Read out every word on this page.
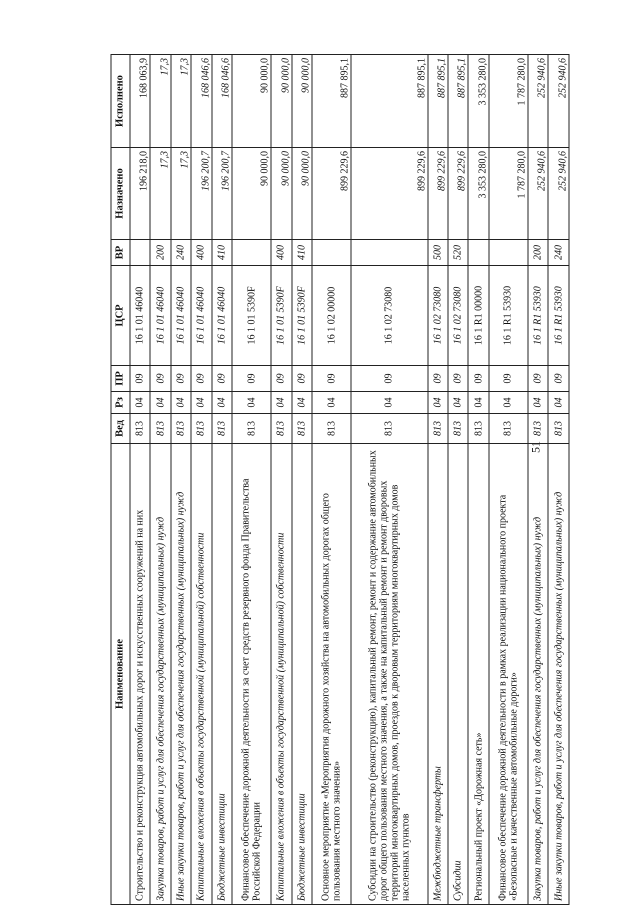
51
Наименование	Вед	Рз	ПР	ЦСР	ВР	Назначено	Исполнено
Строительство и реконструкция автомобильных дорог и искусственных сооружений на них	813	04	09	16 1 01 46040		196 218,0	168 063,9
Закупка товаров, работ и услуг для обеспечения государственных (муниципальных) нужд	813	04	09	16 1 01 46040	200	17,3	17,3
Иные закупки товаров, работ и услуг для обеспечения государственных (муниципальных) нужд	813	04	09	16 1 01 46040	240	17,3	17,3
Капитальные вложения в объекты государственной (муниципальной) собственности	813	04	09	16 1 01 46040	400	196 200,7	168 046,6
Бюджетные инвестиции	813	04	09	16 1 01 46040	410	196 200,7	168 046,6
Финансовое обеспечение дорожной деятельности за счет средств резервного фонда Правительства Российской Федерации	813	04	09	16 1 01 5390F		90 000,0	90 000,0
Капитальные вложения в объекты государственной (муниципальной) собственности	813	04	09	16 1 01 5390F	400	90 000,0	90 000,0
Бюджетные инвестиции	813	04	09	16 1 01 5390F	410	90 000,0	90 000,0
Основное мероприятие «Мероприятия дорожного хозяйства на автомобильных дорогах общего пользования местного значения»	813	04	09	16 1 02 00000		899 229,6	887 895,1
Субсидии на строительство (реконструкцию), капитальный ремонт, ремонт и содержание автомобильных дорог общего пользования местного значения, а также на капитальный ремонт и ремонт дворовых территорий многоквартирных домов, проездов к дворовым территориям многоквартирных домов населенных пунктов	813	04	09	16 1 02 73080		899 229,6	887 895,1
Межбюджетные трансферты	813	04	09	16 1 02 73080	500	899 229,6	887 895,1
Субсидии	813	04	09	16 1 02 73080	520	899 229,6	887 895,1
Региональный проект «Дорожная сеть»	813	04	09	16 1 R1 00000		3 353 280,0	3 353 280,0
Финансовое обеспечение дорожной деятельности в рамках реализации национального проекта «Безопасные и качественные автомобильные дороги»	813	04	09	16 1 R1 53930		1 787 280,0	1 787 280,0
Закупка товаров, работ и услуг для обеспечения государственных (муниципальных) нужд	813	04	09	16 1 R1 53930	200	252 940,6	252 940,6
Иные закупки товаров, работ и услуг для обеспечения государственных (муниципальных) нужд	813	04	09	16 1 R1 53930	240	252 940,6	252 940,6
